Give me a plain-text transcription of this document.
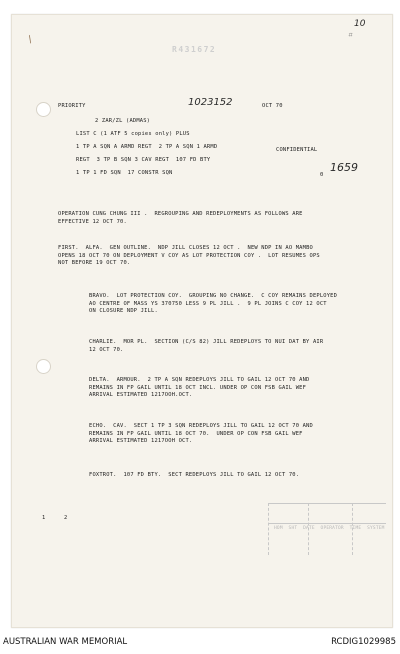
/
10
⌗
R431672
PRIORITY	1023152	OCT 70
2 ZAR/ZL (ADMAS)
LIST C (1 ATF 5 copies only) PLUS
1 TP A SQN A ARMD REGT  2 TP A SQN 1 ARMD
REGT  3 TP B SQN 3 CAV REGT  107 FD BTY
1 TP 1 FD SQN  17 CONSTR SQN
CONFIDENTIAL
0
1659
OPERATION CUNG CHUNG III .  REGROUPING AND REDEPLOYMENTS AS FOLLOWS ARE
EFFECTIVE 12 OCT 70.
FIRST.  ALFA.  GEN OUTLINE.  NDP JILL CLOSES 12 OCT .  NEW NDP IN AO MAMBO
OPENS 18 OCT 70 ON DEPLOYMENT V COY AS LOT PROTECTION COY .  LOT RESUMES OPS
NOT BEFORE 19 OCT 70.
BRAVO.  LOT PROTECTION COY.  GROUPING NO CHANGE.  C COY REMAINS DEPLOYED
AO CENTRE OF MASS YS 370750 LESS 9 PL JILL .  9 PL JOINS C COY 12 OCT
ON CLOSURE NDP JILL.
CHARLIE.  MOR PL.  SECTION (C/S 82) JILL REDEPLOYS TO NUI DAT BY AIR
12 OCT 70.
DELTA.  ARMOUR.  2 TP A SQN REDEPLOYS JILL TO GAIL 12 OCT 70 AND
REMAINS IN FP GAIL UNTIL 18 OCT INCL. UNDER OP CON FSB GAIL WEF
ARRIVAL ESTIMATED 1217OOH.OCT.
ECHO.  CAV.  SECT 1 TP 3 SQN REDEPLOYS JILL TO GAIL 12 OCT 70 AND
REMAINS IN FP GAIL UNTIL 18 OCT 70.  UNDER OP CON FSB GAIL WEF
ARRIVAL ESTIMATED 1217OOH OCT.
FOXTROT.  107 FD BTY.  SECT REDEPLOYS JILL TO GAIL 12 OCT 70.
HOM  SHT  DATE  OPERATOR  TIME  SYSTEM
1	2
AUSTRALIAN WAR MEMORIAL	RCDIG1029985
